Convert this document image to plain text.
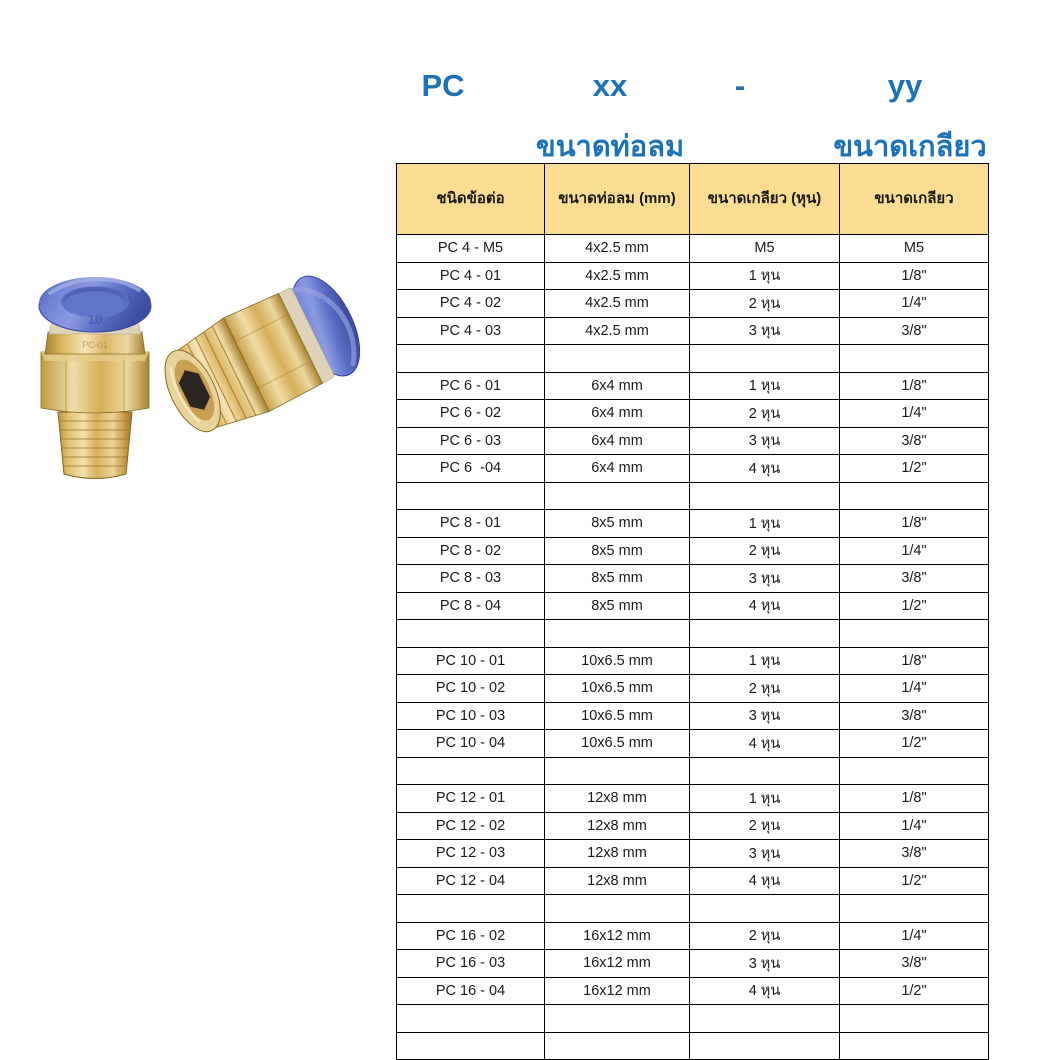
10
PC-01
PC	xx	-	yy
ขนาดท่อลม	ขนาดเกลียว
ชนิดข้อต่อ	ขนาดท่อลม (mm)	ขนาดเกลียว (หุน)	ขนาดเกลียว
PC 4 - M5	4x2.5 mm	M5	M5
PC 4 - 01	4x2.5 mm	1 หุน	1/8"
PC 4 - 02	4x2.5 mm	2 หุน	1/4"
PC 4 - 03	4x2.5 mm	3 หุน	3/8"

PC 6 - 01	6x4 mm	1 หุน	1/8"
PC 6 - 02	6x4 mm	2 หุน	1/4"
PC 6 - 03	6x4 mm	3 หุน	3/8"
PC 6  -04	6x4 mm	4 หุน	1/2"

PC 8 - 01	8x5 mm	1 หุน	1/8"
PC 8 - 02	8x5 mm	2 หุน	1/4"
PC 8 - 03	8x5 mm	3 หุน	3/8"
PC 8 - 04	8x5 mm	4 หุน	1/2"

PC 10 - 01	10x6.5 mm	1 หุน	1/8"
PC 10 - 02	10x6.5 mm	2 หุน	1/4"
PC 10 - 03	10x6.5 mm	3 หุน	3/8"
PC 10 - 04	10x6.5 mm	4 หุน	1/2"

PC 12 - 01	12x8 mm	1 หุน	1/8"
PC 12 - 02	12x8 mm	2 หุน	1/4"
PC 12 - 03	12x8 mm	3 หุน	3/8"
PC 12 - 04	12x8 mm	4 หุน	1/2"

PC 16 - 02	16x12 mm	2 หุน	1/4"
PC 16 - 03	16x12 mm	3 หุน	3/8"
PC 16 - 04	16x12 mm	4 หุน	1/2"
